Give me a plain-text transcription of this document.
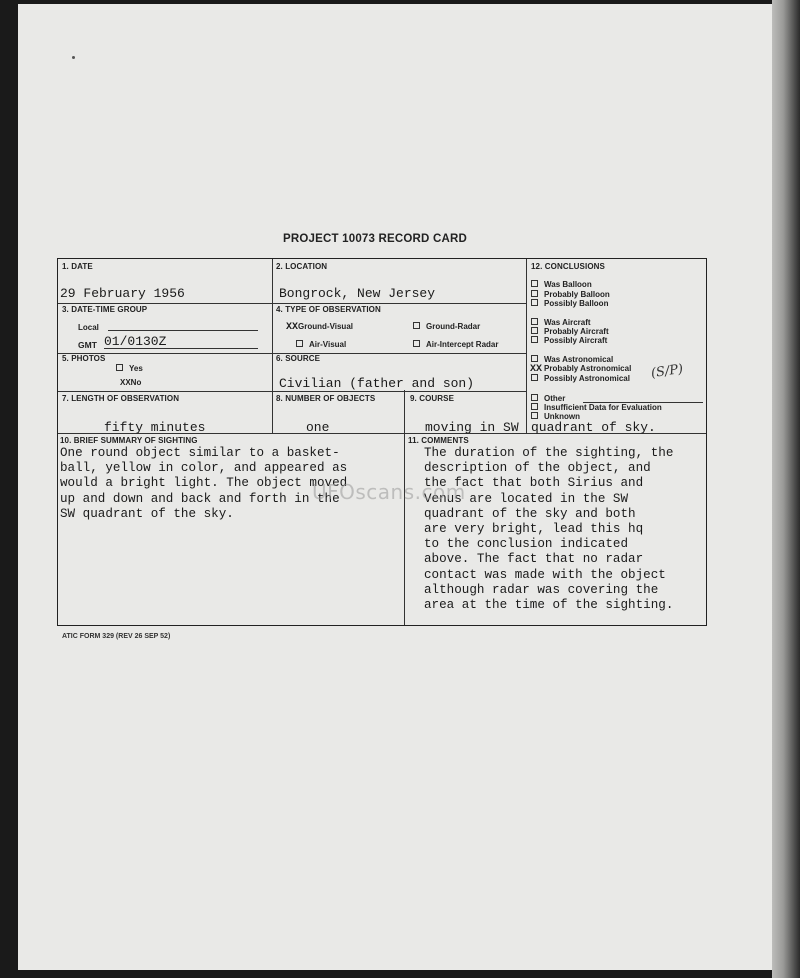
PROJECT 10073 RECORD CARD
1. DATE
29 February 1956
2. LOCATION
Bongrock, New Jersey
3. DATE-TIME GROUP
Local
GMT 01/0130Z
4. TYPE OF OBSERVATION
XXGround-Visual	Ground-Radar
Air-Visual	Air-Intercept Radar
5. PHOTOS
Yes
XXNo
6. SOURCE
Civilian (father and son)
7. LENGTH OF OBSERVATION
fifty minutes
8. NUMBER OF OBJECTS
one
9. COURSE
moving in SW quadrant of sky.
12. CONCLUSIONS
Was Balloon
Probably Balloon
Possibly Balloon
Was Aircraft
Probably Aircraft
Possibly Aircraft
Was Astronomical
XX Probably Astronomical
Possibly Astronomical (S/P)
Other
Insufficient Data for Evaluation
Unknown
10. BRIEF SUMMARY OF SIGHTING
One round object similar to a basket-
ball, yellow in color, and appeared as
would a bright light. The object moved
up and down and back and forth in the
SW quadrant of the sky.
11. COMMENTS
The duration of the sighting, the
description of the object, and
the fact that both Sirius and
Venus are located in the SW
quadrant of the sky and both
are very bright, lead this hq
to the conclusion indicated
above. The fact that no radar
contact was made with the object
although radar was covering the
area at the time of the sighting.
UFOscans.com
ATIC FORM 329 (REV 26 SEP 52)
